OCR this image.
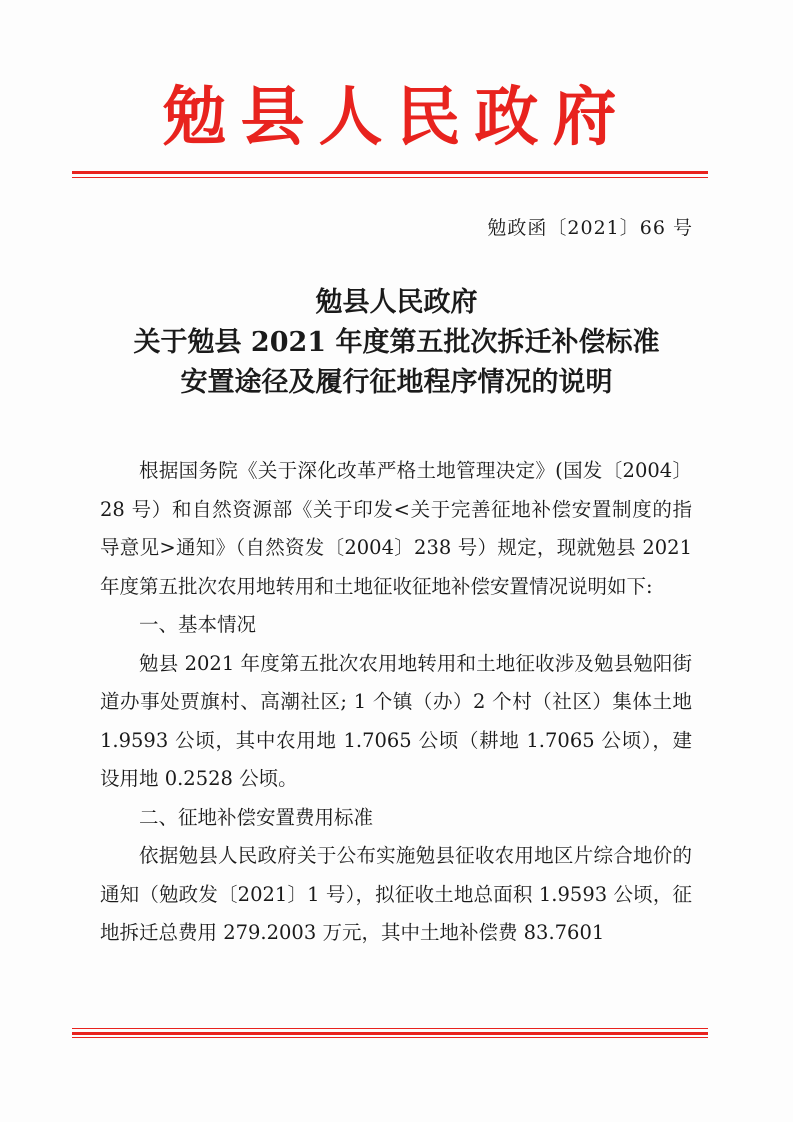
勉县人民政府
勉政函〔2021〕66 号
勉县人民政府
关于勉县 2021 年度第五批次拆迁补偿标准
安置途径及履行征地程序情况的说明

根据国务院《关于深化改革严格土地管理决定》(国发〔2004〕28 号）和自然资源部《关于印发<关于完善征地补偿安置制度的指导意见>通知》（自然资发〔2004〕238 号）规定，现就勉县 2021 年度第五批次农用地转用和土地征收征地补偿安置情况说明如下:

一、基本情况

勉县 2021 年度第五批次农用地转用和土地征收涉及勉县勉阳街道办事处贾旗村、高潮社区; 1 个镇（办）2 个村（社区）集体土地 1.9593 公顷，其中农用地 1.7065 公顷（耕地 1.7065 公顷），建设用地 0.2528 公顷。

二、征地补偿安置费用标准

依据勉县人民政府关于公布实施勉县征收农用地区片综合地价的通知（勉政发〔2021〕1 号），拟征收土地总面积 1.9593 公顷，征地拆迁总费用 279.2003 万元，其中土地补偿费 83.7601
